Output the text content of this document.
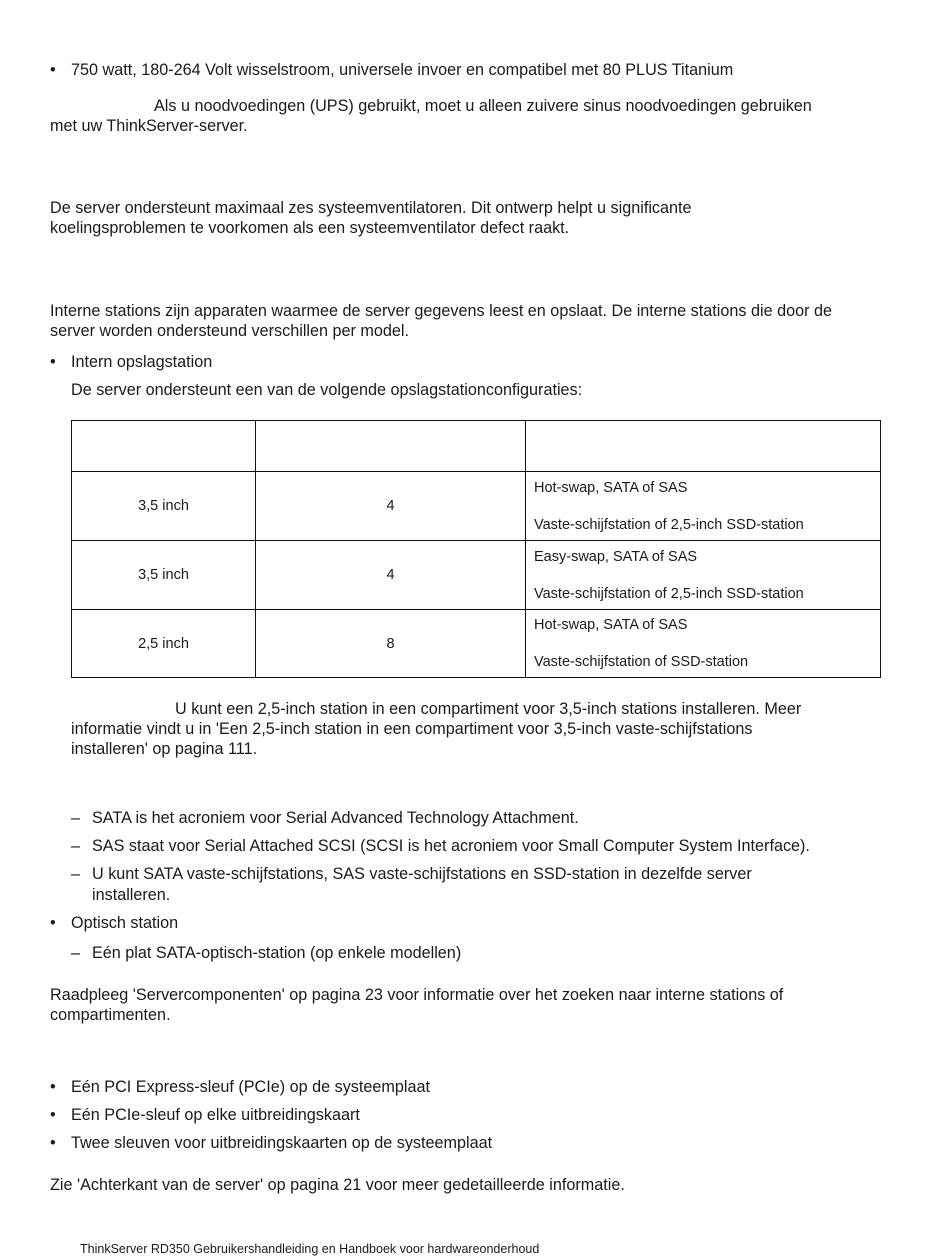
• 750 watt, 180-264 Volt wisselstroom, universele invoer en compatibel met 80 PLUS Titanium
Als u noodvoedingen (UPS) gebruikt, moet u alleen zuivere sinus noodvoedingen gebruiken
met uw ThinkServer-server.
De server ondersteunt maximaal zes systeemventilatoren. Dit ontwerp helpt u significante
koelingsproblemen te voorkomen als een systeemventilator defect raakt.
Interne stations zijn apparaten waarmee de server gegevens leest en opslaat. De interne stations die door de
server worden ondersteund verschillen per model.
• Intern opslagstation
De server ondersteunt een van de volgende opslagstationconfiguraties:

3,5 inch	4	Hot-swap, SATA of SAS
Vaste-schijfstation of 2,5-inch SSD-station

3,5 inch	4	Easy-swap, SATA of SAS
Vaste-schijfstation of 2,5-inch SSD-station

2,5 inch	8	Hot-swap, SATA of SAS
Vaste-schijfstation of SSD-station
U kunt een 2,5-inch station in een compartiment voor 3,5-inch stations installeren. Meer
informatie vindt u in 'Een 2,5-inch station in een compartiment voor 3,5-inch vaste-schijfstations
installeren' op pagina 111.
– SATA is het acroniem voor Serial Advanced Technology Attachment.
– SAS staat voor Serial Attached SCSI (SCSI is het acroniem voor Small Computer System Interface).
– U kunt SATA vaste-schijfstations, SAS vaste-schijfstations en SSD-station in dezelfde server
installeren.
• Optisch station
– Eén plat SATA-optisch-station (op enkele modellen)
Raadpleeg 'Servercomponenten' op pagina 23 voor informatie over het zoeken naar interne stations of
compartimenten.
• Eén PCI Express-sleuf (PCIe) op de systeemplaat
• Eén PCIe-sleuf op elke uitbreidingskaart
• Twee sleuven voor uitbreidingskaarten op de systeemplaat
Zie 'Achterkant van de server' op pagina 21 voor meer gedetailleerde informatie.
ThinkServer RD350 Gebruikershandleiding en Handboek voor hardwareonderhoud
